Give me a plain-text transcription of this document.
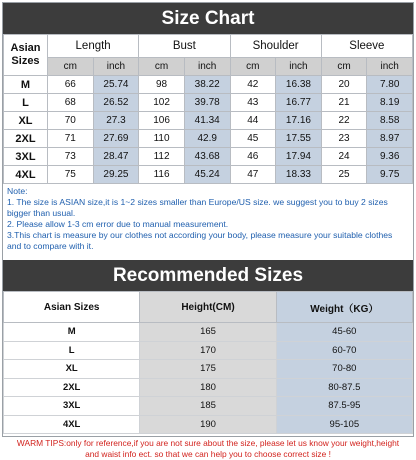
Size Chart
Asian Sizes	Length		Bust		Shoulder		Sleeve	
	cm	inch	cm	inch	cm	inch	cm	inch
M	66	25.74	98	38.22	42	16.38	20	7.80
L	68	26.52	102	39.78	43	16.77	21	8.19
XL	70	27.3	106	41.34	44	17.16	22	8.58
2XL	71	27.69	110	42.9	45	17.55	23	8.97
3XL	73	28.47	112	43.68	46	17.94	24	9.36
4XL	75	29.25	116	45.24	47	18.33	25	9.75
Note:
1. The size is ASIAN size,it is 1~2 sizes smaller than Europe/US size. we suggest you to buy 2 sizes bigger than usual.
2. Please allow 1-3 cm error due to manual measurement.
3.This chart is measure by our clothes not according your body, please measure your suitable clothes and to compare with it.
Recommended Sizes
Asian Sizes	Height(CM)	Weight（KG）
M	165	45-60
L	170	60-70
XL	175	70-80
2XL	180	80-87.5
3XL	185	87.5-95
4XL	190	95-105
WARM TIPS:only for reference,if you are not sure about the size, please let us know your weight,height and waist info ect. so that we can help you to choose correct size !
